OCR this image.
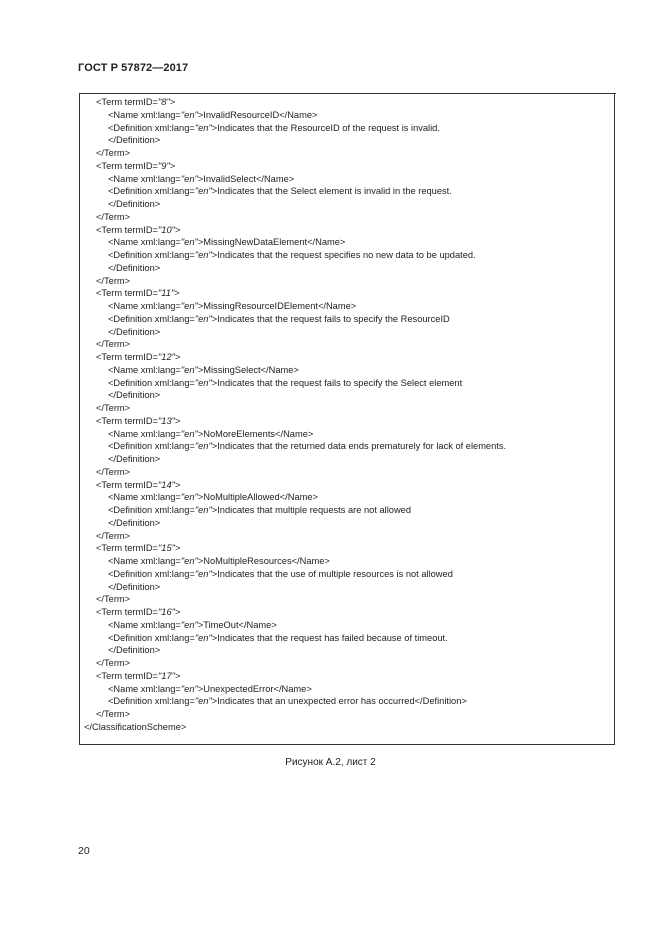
ГОСТ Р 57872—2017
<Term termID="8">
<Name xml:lang="en">InvalidResourceID</Name>
<Definition xml:lang="en">Indicates that the ResourceID of the request is invalid.
</Definition>
</Term>
<Term termID="9">
<Name xml:lang="en">InvalidSelect</Name>
<Definition xml:lang="en">Indicates that the Select element is invalid in the request.
</Definition>
</Term>
<Term termID="10">
<Name xml:lang="en">MissingNewDataElement</Name>
<Definition xml:lang="en">Indicates that the request specifies no new data to be updated.
</Definition>
</Term>
<Term termID="11">
<Name xml:lang="en">MissingResourceIDElement</Name>
<Definition xml:lang="en">Indicates that the request fails to specify the ResourceID
</Definition>
</Term>
<Term termID="12">
<Name xml:lang="en">MissingSelect</Name>
<Definition xml:lang="en">Indicates that the request fails to specify the Select element
</Definition>
</Term>
<Term termID="13">
<Name xml:lang="en">NoMoreElements</Name>
<Definition xml:lang="en">Indicates that the returned data ends prematurely for lack of elements.
</Definition>
</Term>
<Term termID="14">
<Name xml:lang="en">NoMultipleAllowed</Name>
<Definition xml:lang="en">Indicates that multiple requests are not allowed
</Definition>
</Term>
<Term termID="15">
<Name xml:lang="en">NoMultipleResources</Name>
<Definition xml:lang="en">Indicates that the use of multiple resources is not allowed
</Definition>
</Term>
<Term termID="16">
<Name xml:lang="en">TimeOut</Name>
<Definition xml:lang="en">Indicates that the request has failed because of timeout.
</Definition>
</Term>
<Term termID="17">
<Name xml:lang="en">UnexpectedError</Name>
<Definition xml:lang="en">Indicates that an unexpected error has occurred</Definition>
</Term>
</ClassificationScheme>
Рисунок А.2, лист 2
20
